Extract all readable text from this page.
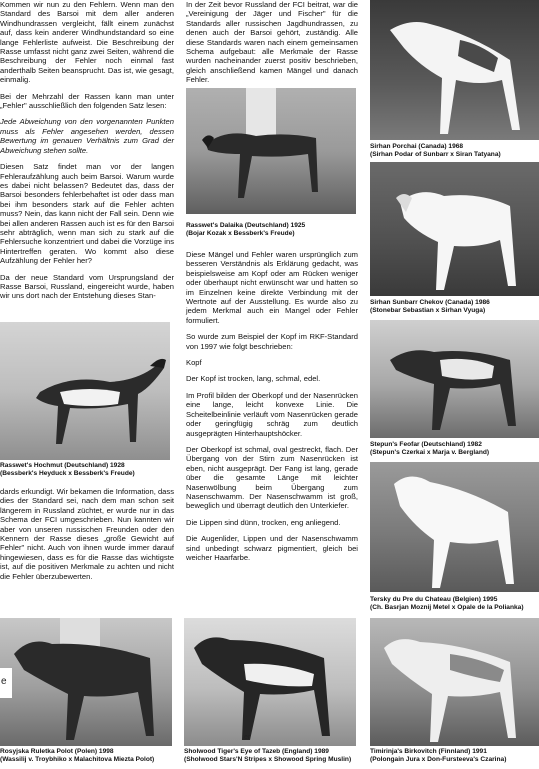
Kommen wir nun zu den Fehlern. Wenn man den Standard des Barsoi mit dem aller anderen Windhundrassen vergleicht, fällt einem zunächst auf, dass kein anderer Windhundstandard so eine lange Fehlerliste aufweist. Die Beschreibung der Rasse umfasst nicht ganz zwei Seiten, während die Beschreibung der Fehler noch einmal fast anderthalb Seiten beansprucht. Das ist, wie gesagt, einmalig.

Bei der Mehrzahl der Rassen kann man unter „Fehler" ausschließlich den folgenden Satz lesen:

Jede Abweichung von den vorgenannten Punkten muss als Fehler angesehen werden, dessen Bewertung im genauen Verhältnis zum Grad der Abweichung stehen sollte.

Diesen Satz findet man vor der langen Fehleraufzählung auch beim Barsoi. Warum wurde es dabei nicht belassen? Bedeutet das, dass der Barsoi besonders fehlerbehaftet ist oder dass man bei ihm besonders stark auf die Fehler achten muss? Nein, das kann nicht der Fall sein. Denn wie bei allen anderen Rassen auch ist es für den Barsoi sehr abträglich, wenn man sich zu stark auf die Fehlersuche konzentriert und dabei die Vorzüge ins Hintertreffen geraten. Wo kommt also diese Aufzählung der Fehler her?

Da der neue Standard vom Ursprungsland der Rasse Barsoi, Russland, eingereicht wurde, haben wir uns dort nach der Entstehung dieses Stan-

Rasswet's Hochmut (Deutschland) 1928
(Bessberk's Heyduck x Bessberk's Freude)

dards erkundigt. Wir bekamen die Information, dass dies der Standard sei, nach dem man schon seit längerem in Russland züchtet, er wurde nur in das Schema der FCI umgeschrieben. Nun kannten wir aber von unseren russischen Freunden oder den Kennern der Rasse dieses „große Gewicht auf Fehler" nicht. Auch von ihnen wurde immer darauf hingewiesen, dass es für die Rasse das wichtigste ist, auf die positiven Merkmale zu achten und nicht die Fehler überzubewerten.

In der Zeit bevor Russland der FCI beitrat, war die „Vereinigung der Jäger und Fischer" für die Standards aller russischen Jagdhundrassen, zu denen auch der Barsoi gehört, zuständig. Alle diese Standards waren nach einem gemeinsamen Schema aufgebaut: alle Merkmale der Rasse wurden nacheinander zuerst positiv beschrieben, gleich anschließend kamen Mängel und danach Fehler.

Rasswet's Dalaika (Deutschland) 1925
(Bojar Kozak x Bessberk's Freude)

Diese Mängel und Fehler waren ursprünglich zum besseren Verständnis als Erklärung gedacht, was beispielsweise am Kopf oder am Rücken weniger oder überhaupt nicht erwünscht war und hatten so im Einzelnen keine direkte Verbindung mit der Wertnote auf der Ausstellung. Es wurde also zu jedem Merkmal auch ein Mangel oder Fehler formuliert.

So wurde zum Beispiel der Kopf im RKF-Standard von 1997 wie folgt beschrieben:

Kopf

Der Kopf ist trocken, lang, schmal, edel.

Im Profil bilden der Oberkopf und der Nasenrücken eine lange, leicht konvexe Linie. Die Scheitelbeinlinie verläuft vom Nasenrücken gerade oder geringfügig schräg zum deutlich ausgeprägten Hinterhauptshöcker.

Der Oberkopf ist schmal, oval gestreckt, flach. Der Übergang von der Stirn zum Nasenrücken ist eben, nicht ausgeprägt. Der Fang ist lang, gerade über die gesamte Länge mit leichter Nasenwölbung beim Übergang zum Nasenschwamm. Der Nasenschwamm ist groß, beweglich und überragt deutlich den Unterkiefer.

Die Lippen sind dünn, trocken, eng anliegend.

Die Augenlider, Lippen und der Nasenschwamm sind unbedingt schwarz pigmentiert, gleich bei weicher Haarfarbe.

Sirhan Porchai (Canada) 1968
(Sirhan Podar of Sunbarr x Siran Tatyana)
Sirhan Sunbarr Chekov (Canada) 1986
(Stonebar Sebastian x Sirhan Vyuga)
Stepun's Feofar (Deutschland) 1982
(Stepun's Czerkai x Marja v. Bergland)
Tersky du Pre du Chateau (Belgien) 1995
(Ch. Basrjan Moznij Metel x Opale de la Polianka)
e
Rosyjska Ruletka Polot (Polen) 1998
(Wassilij v. Troybhiko x Malachitova Miezta Polot)
er
Sholwood Tiger's Eye of Tazeb (England) 1989
(Sholwood Stars'N Stripes x Showood Spring Muslin)
Timirinja's Birkovitch (Finnland) 1991
(Polongain Jura x Don-Fursteeva's Czarina)
